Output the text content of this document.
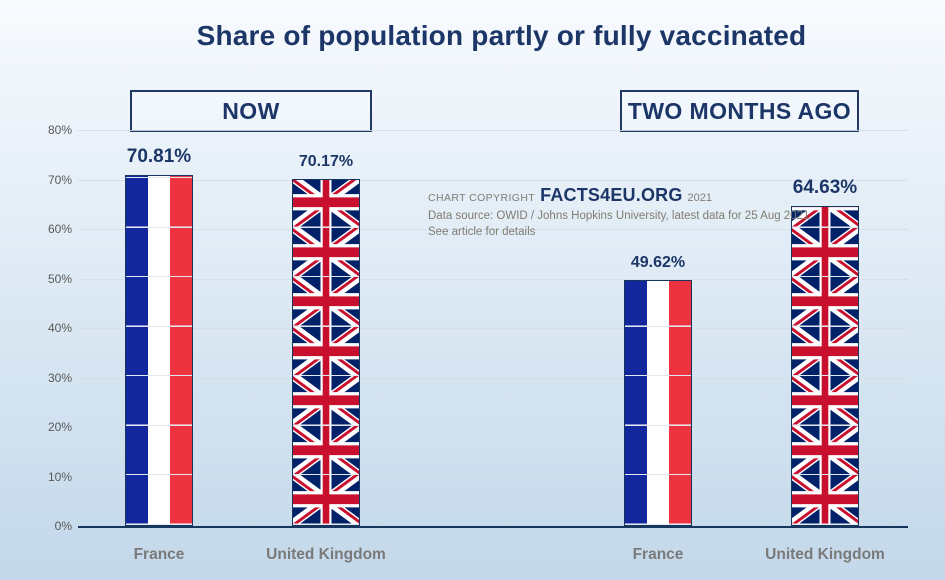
Share of population partly or fully vaccinated
NOW	TWO MONTHS AGO
0%
10%
20%
30%
40%
50%
60%
70%
80%
70.81%
France
70.17%
United Kingdom
49.62%
France
64.63%
United Kingdom
CHART COPYRIGHT FACTS4EU.ORG 2021
Data source: OWID / Johns Hopkins University, latest data for 25 Aug 2021
See article for details
